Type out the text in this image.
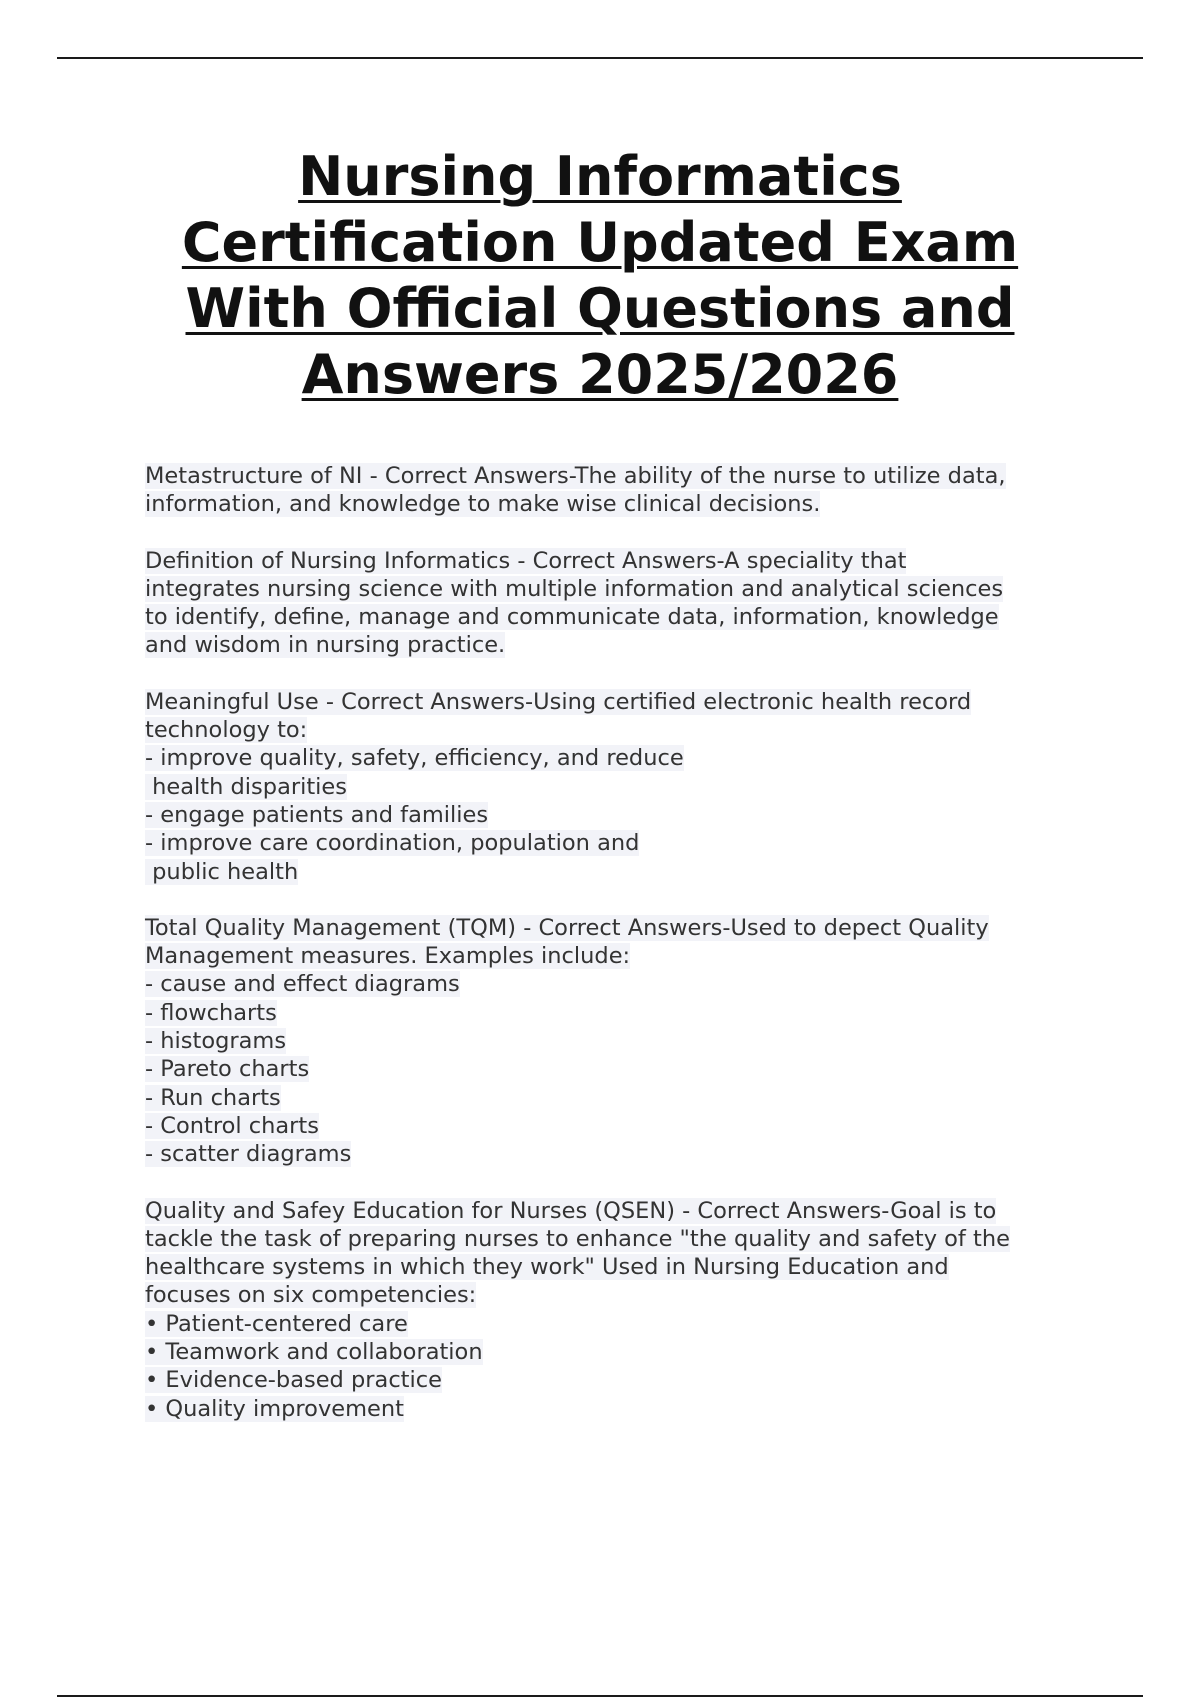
Nursing Informatics
Certification Updated Exam
With Official Questions and
Answers 2025/2026
Metastructure of NI - Correct Answers-The ability of the nurse to utilize data,
information, and knowledge to make wise clinical decisions.
Definition of Nursing Informatics - Correct Answers-A speciality that
integrates nursing science with multiple information and analytical sciences
to identify, define, manage and communicate data, information, knowledge
and wisdom in nursing practice.
Meaningful Use - Correct Answers-Using certified electronic health record
technology to:
- improve quality, safety, efficiency, and reduce
health disparities
- engage patients and families
- improve care coordination, population and
public health
Total Quality Management (TQM) - Correct Answers-Used to depect Quality
Management measures. Examples include:
- cause and effect diagrams
- flowcharts
- histograms
- Pareto charts
- Run charts
- Control charts
- scatter diagrams
Quality and Safey Education for Nurses (QSEN) - Correct Answers-Goal is to
tackle the task of preparing nurses to enhance "the quality and safety of the
healthcare systems in which they work" Used in Nursing Education and
focuses on six competencies:
• Patient-centered care
• Teamwork and collaboration
• Evidence-based practice
• Quality improvement
